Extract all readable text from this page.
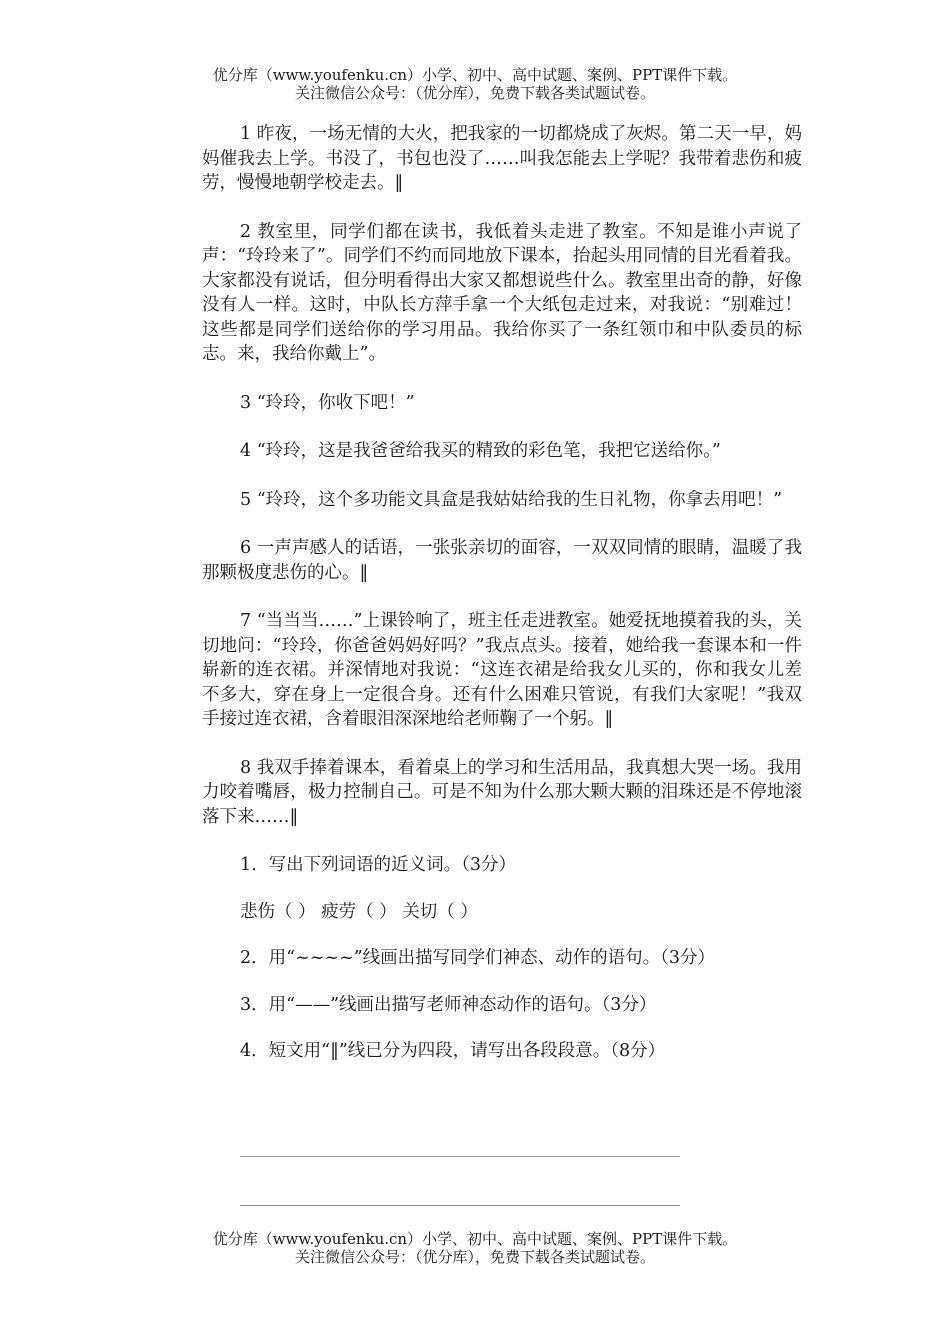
优分库（www.youfenku.cn）小学、初中、高中试题、案例、PPT课件下载。
关注微信公众号：（优分库），免费下载各类试题试卷。

1 昨夜，一场无情的大火，把我家的一切都烧成了灰烬。第二天一早，妈妈催我去上学。书没了，书包也没了……叫我怎能去上学呢？我带着悲伤和疲劳，慢慢地朝学校走去。‖

2 教室里，同学们都在读书，我低着头走进了教室。不知是谁小声说了声：“玲玲来了”。同学们不约而同地放下课本，抬起头用同情的目光看着我。大家都没有说话，但分明看得出大家又都想说些什么。教室里出奇的静，好像没有人一样。这时，中队长方萍手拿一个大纸包走过来，对我说：“别难过！这些都是同学们送给你的学习用品。我给你买了一条红领巾和中队委员的标志。来，我给你戴上”。

3 “玲玲，你收下吧！”

4 “玲玲，这是我爸爸给我买的精致的彩色笔，我把它送给你。”

5 “玲玲，这个多功能文具盒是我姑姑给我的生日礼物，你拿去用吧！”

6 一声声感人的话语，一张张亲切的面容，一双双同情的眼睛，温暖了我那颗极度悲伤的心。‖

7 “当当当……”上课铃响了，班主任走进教室。她爱抚地摸着我的头，关切地问：“玲玲，你爸爸妈妈好吗？”我点点头。接着，她给我一套课本和一件崭新的连衣裙。并深情地对我说：“这连衣裙是给我女儿买的，你和我女儿差不多大，穿在身上一定很合身。还有什么困难只管说，有我们大家呢！”我双手接过连衣裙，含着眼泪深深地给老师鞠了一个躬。‖

8 我双手捧着课本，看着桌上的学习和生活用品，我真想大哭一场。我用力咬着嘴唇，极力控制自己。可是不知为什么那大颗大颗的泪珠还是不停地滚落下来……‖

1．写出下列词语的近义词。（3分）

悲伤（ ） 疲劳（ ） 关切（ ）

2．用“~~~~”线画出描写同学们神态、动作的语句。（3分）

3．用“——”线画出描写老师神态动作的语句。（3分）

4．短文用“‖”线已分为四段，请写出各段段意。（8分）

优分库（www.youfenku.cn）小学、初中、高中试题、案例、PPT课件下载。
关注微信公众号：（优分库），免费下载各类试题试卷。
